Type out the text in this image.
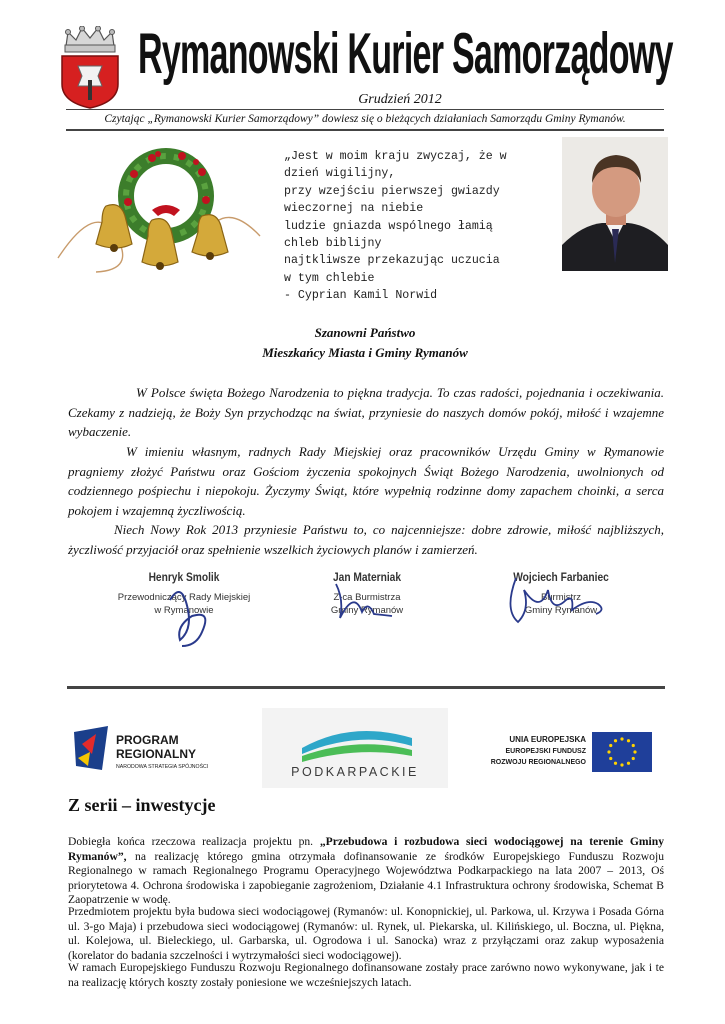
Rymanowski Kurier Samorządowy
Grudzień 2012
Czytając „Rymanowski Kurier Samorządowy” dowiesz się o bieżących działaniach Samorządu Gminy Rymanów.
„Jest w moim kraju zwyczaj, że w
dzień wigilijny,
przy wzejściu pierwszej gwiazdy
wieczornej na niebie
ludzie gniazda wspólnego łamią
chleb biblijny
najtkliwsze przekazując uczucia
w tym chlebie
- Cyprian Kamil Norwid
Szanowni Państwo
Mieszkańcy Miasta i Gminy Rymanów
W Polsce święta Bożego Narodzenia to piękna tradycja. To czas radości, pojednania i oczekiwania. Czekamy z nadzieją, że Boży Syn przychodząc na świat, przyniesie do naszych domów pokój, miłość i wzajemne wybaczenie.
W imieniu własnym, radnych Rady Miejskiej oraz pracowników Urzędu Gminy w Rymanowie pragniemy złożyć Państwu oraz Gościom życzenia spokojnych Świąt Bożego Narodzenia, uwolnionych od codziennego pośpiechu i niepokoju. Życzymy Świąt, które wypełnią rodzinne domy zapachem choinki, a serca pokojem i wzajemną życzliwością.
Niech Nowy Rok 2013 przyniesie Państwu to, co najcenniejsze: dobre zdrowie, miłość najbliższych, życzliwość przyjaciół oraz spełnienie wszelkich życiowych planów i zamierzeń.
Henryk Smolik
Przewodniczący Rady Miejskiej
w Rymanowie
Jan Materniak
Z-ca Burmistrza
Gminy Rymanów
Wojciech Farbaniec
Burmistrz
Gminy Rymanów
PROGRAM
REGIONALNY
NARODOWA STRATEGIA SPÓJNOŚCI	PODKARPACKIE
UNIA EUROPEJSKA
EUROPEJSKI FUNDUSZ
ROZWOJU REGIONALNEGO
Z serii – inwestycje
Dobiegła końca rzeczowa realizacja projektu pn. „Przebudowa i rozbudowa sieci wodociągowej na terenie Gminy Rymanów”, na realizację którego gmina otrzymała dofinansowanie ze środków Europejskiego Funduszu Rozwoju Regionalnego w ramach Regionalnego Programu Operacyjnego Województwa Podkarpackiego na lata 2007 – 2013, Oś priorytetowa 4. Ochrona środowiska i zapobieganie zagrożeniom, Działanie 4.1 Infrastruktura ochrony środowiska, Schemat B Zaopatrzenie w wodę.
Przedmiotem projektu była budowa sieci wodociągowej (Rymanów: ul. Konopnickiej, ul. Parkowa, ul. Krzywa i Posada Górna ul. 3-go Maja) i przebudowa sieci wodociągowej (Rymanów: ul. Rynek, ul. Piekarska, ul. Kilińskiego, ul. Boczna, ul. Piękna, ul. Kolejowa, ul. Bieleckiego, ul. Garbarska, ul. Ogrodowa i ul. Sanocka) wraz z przyłączami oraz zakup wyposażenia (korelator do badania szczelności i wytrzymałości sieci wodociągowej).
W ramach Europejskiego Funduszu Rozwoju Regionalnego dofinansowane zostały prace zarówno nowo wykonywane, jak i te na realizację których koszty zostały poniesione we wcześniejszych latach.
